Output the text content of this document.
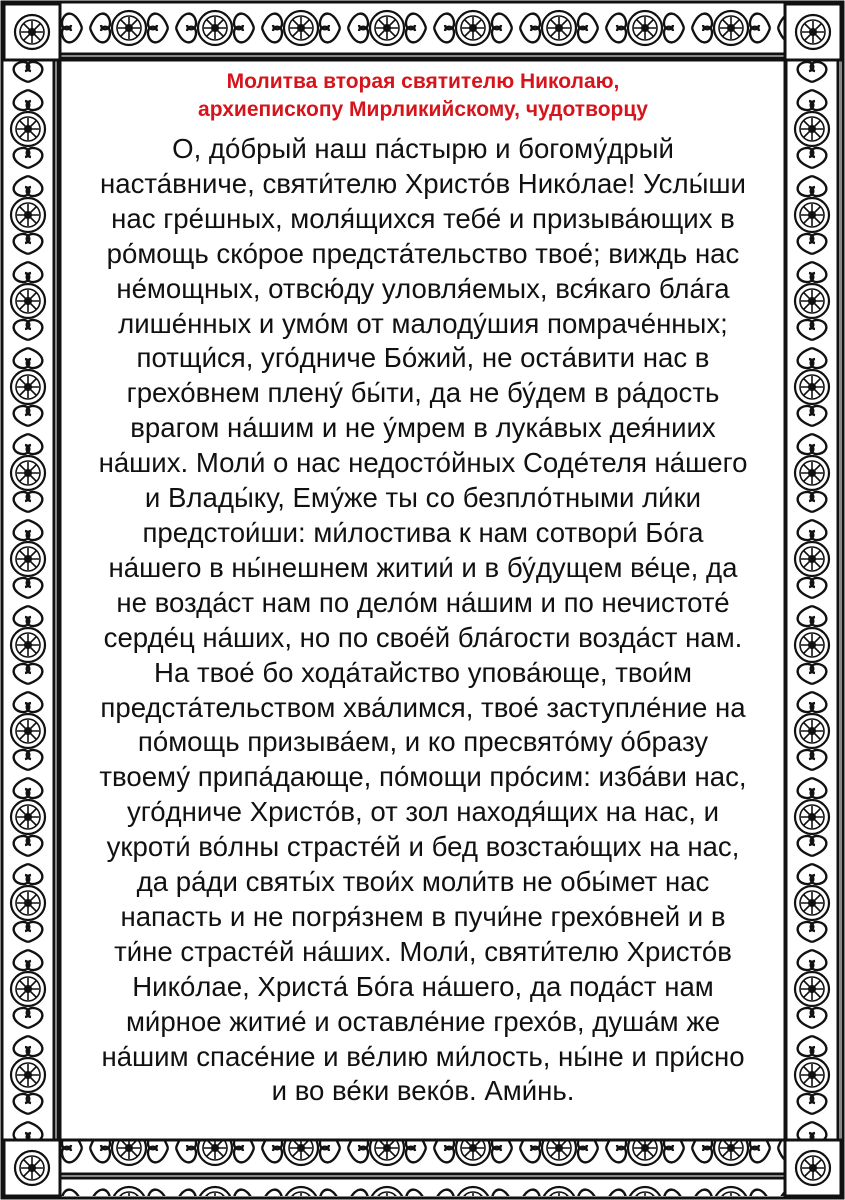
Молитва вторая святителю Николаю,
архиепископу Мирликийскому, чудотворцу

О, до́брый наш па́стырю и богому́дрый
наста́вниче, святи́телю Христо́в Нико́лае! Услы́ши
нас гре́шных, моля́щихся тебе́ и призыва́ющих в
pо́мощь ско́рое предста́тельство твое́; виждь нас
не́мощных, отвсю́ду уловля́емых, вся́каго бла́га
лише́нных и умо́м от малоду́шия помраче́нных;
потщи́ся, уго́дниче Бо́жий, не оста́вити нас в
грехо́внем плену́ бы́ти, да не бу́дем в ра́дость
врагом на́шим и не у́мрем в лука́вых дея́ниих
на́ших. Моли́ о нас недосто́йных Соде́теля на́шего
и Влады́ку, Ему́же ты со безпло́тными ли́ки
предстои́ши: ми́лостива к нам сотвори́ Бо́га
на́шего в ны́нешнем житии́ и в бу́дущем ве́це, да
не возда́ст нам по дело́м на́шим и по нечистоте́
серде́ц на́ших, но по свое́й бла́гости возда́ст нам.
На твое́ бо хода́тайство упова́юще, твои́м
предста́тельством хва́лимся, твое́ заступле́ние на
по́мощь призыва́ем, и ко пресвято́му о́бразу
твоему́ припа́дающе, по́мощи про́сим: изба́ви нас,
уго́дниче Христо́в, от зол находя́щих на нас, и
укроти́ во́лны страсте́й и бед возстаю́щих на нас,
да ра́ди святы́х твои́х моли́тв не обы́мет нас
напасть и не погря́знем в пучи́не грехо́вней и в
ти́не страсте́й на́ших. Моли́, святи́телю Христо́в
Нико́лае, Христа́ Бо́га на́шего, да пода́ст нам
ми́рное житие́ и оставле́ние грехо́в, душа́м же
на́шим спасе́ние и ве́лию ми́лость, ны́не и при́сно
и во ве́ки веко́в. Ами́нь.
